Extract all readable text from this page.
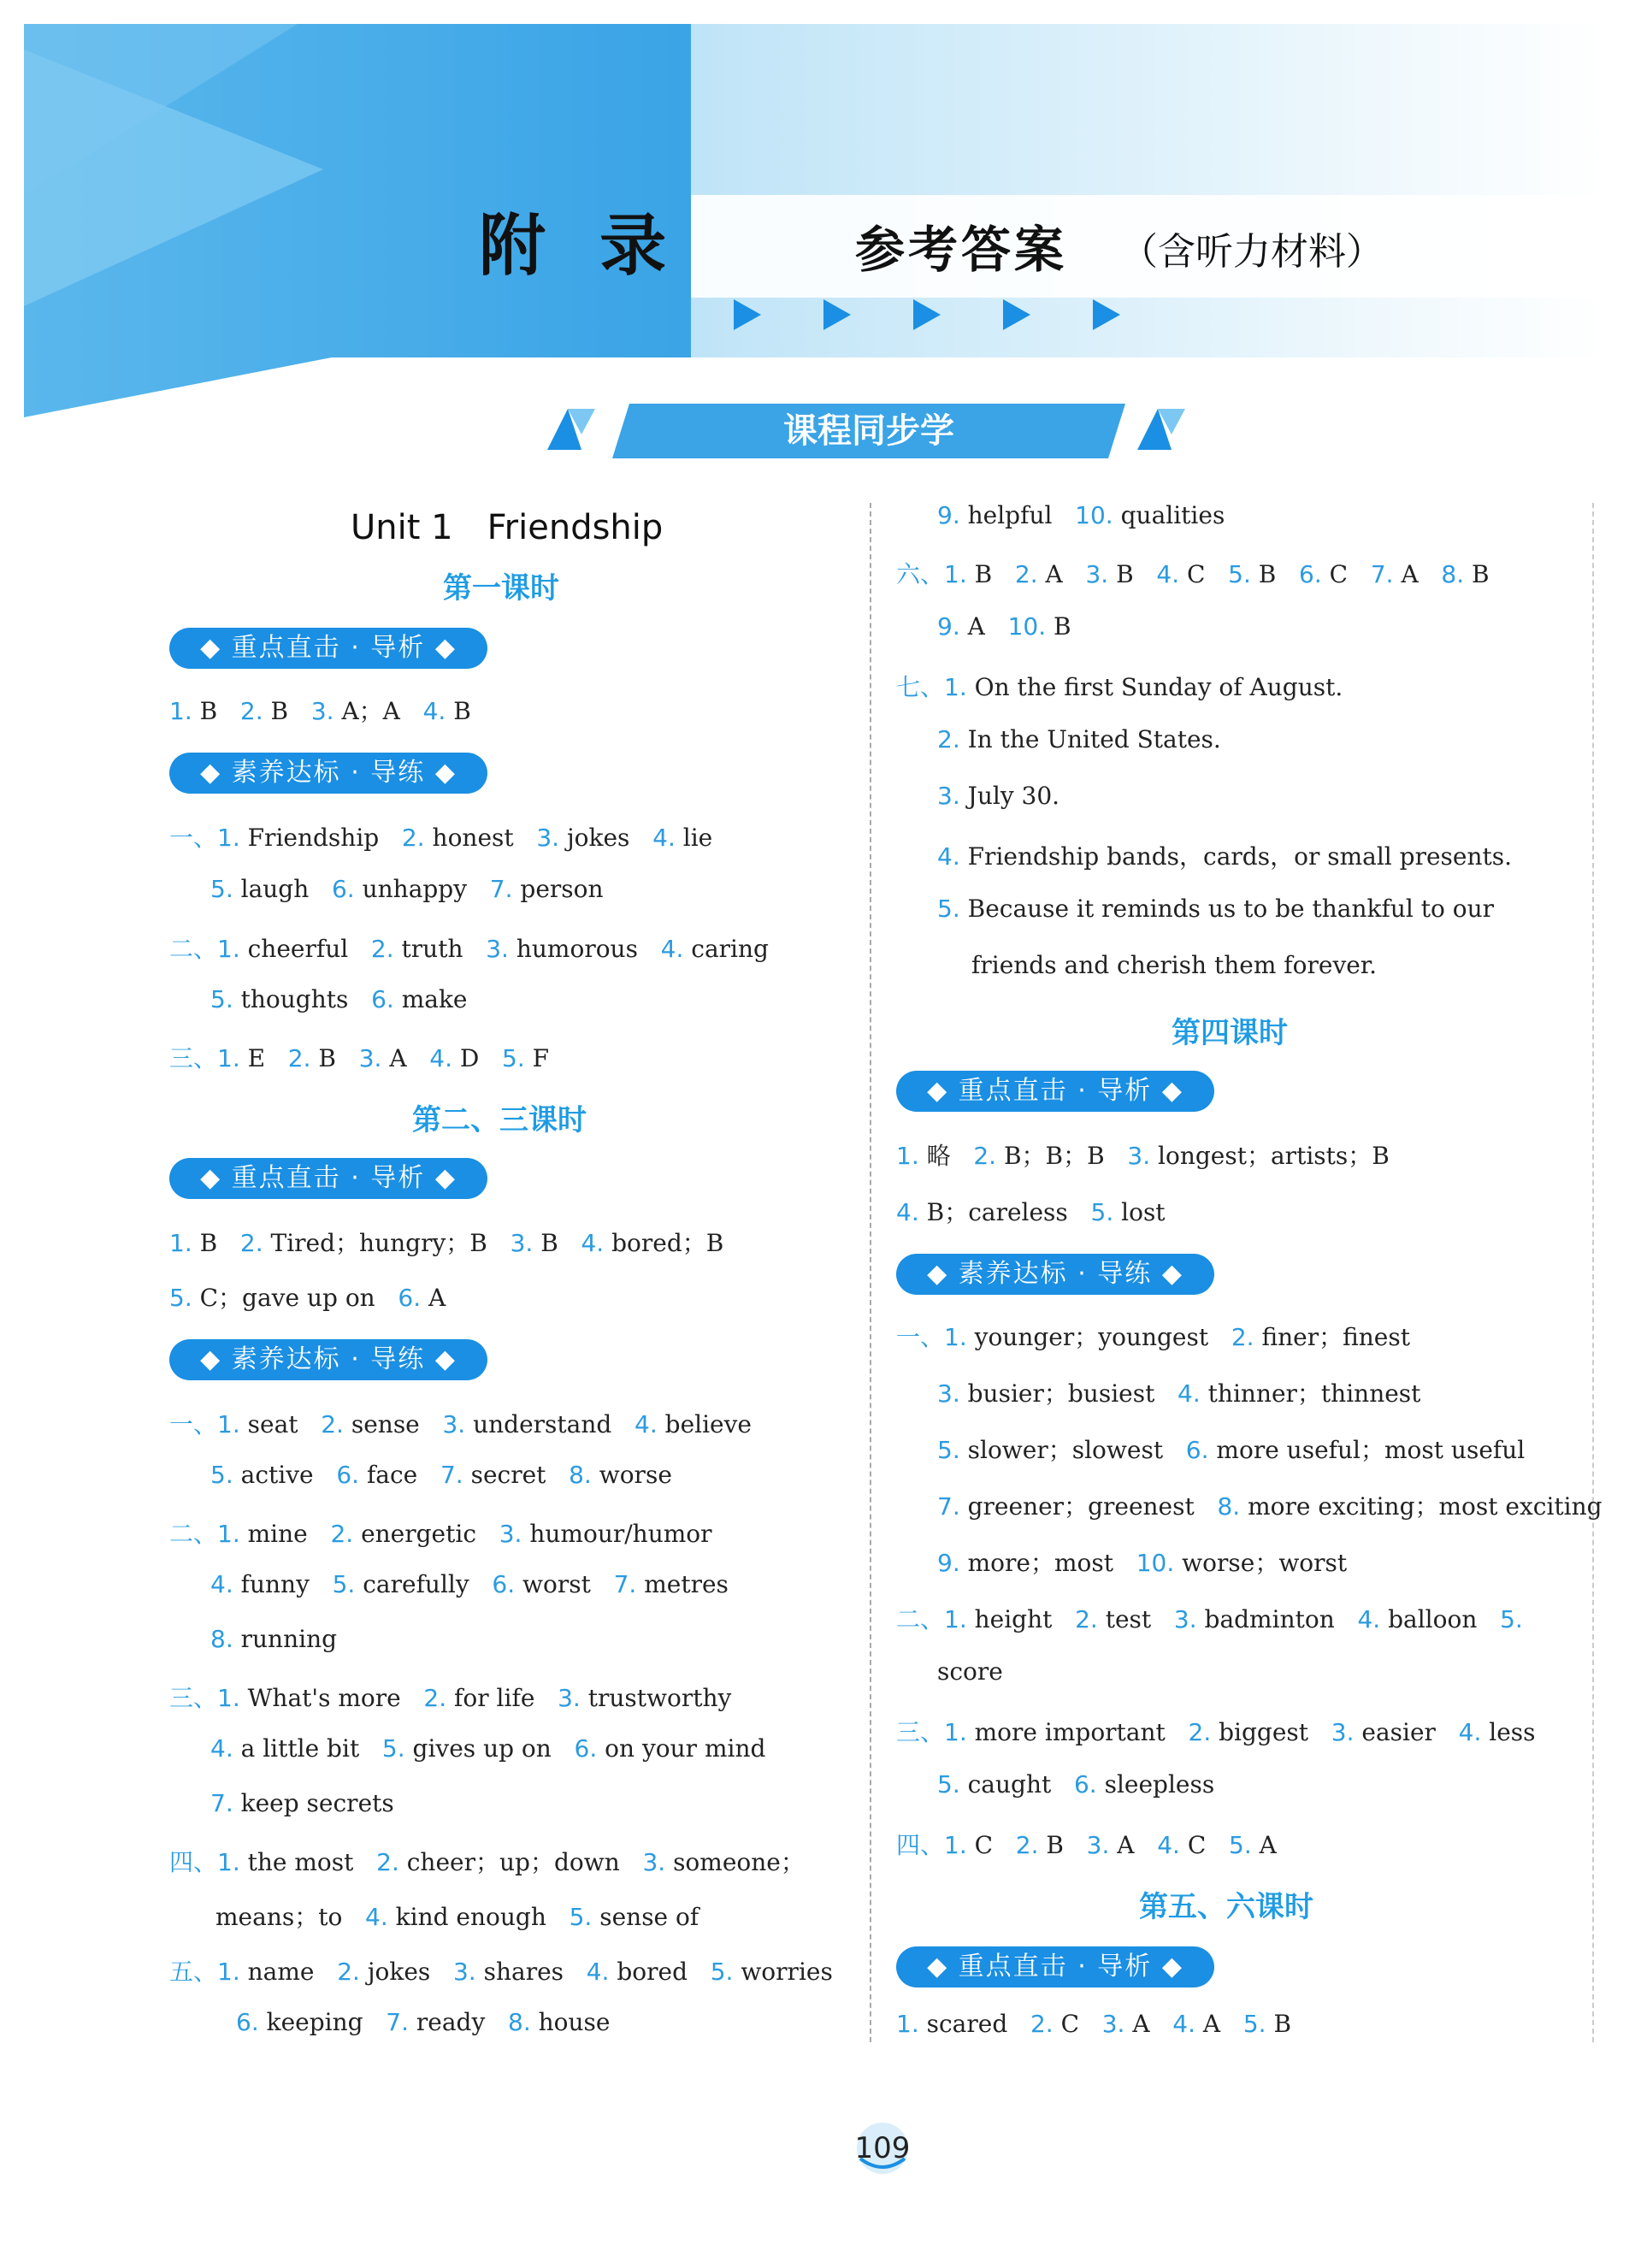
附 录	参考答案 （含听力材料）
课程同步学
Unit 1　Friendship
第一课时
◆ 重点直击 · 导析 ◆
1. B 2. B 3. A；A 4. B
◆ 素养达标 · 导练 ◆
一、1. Friendship 2. honest 3. jokes 4. lie
5. laugh 6. unhappy 7. person
二、1. cheerful 2. truth 3. humorous 4. caring
5. thoughts 6. make
三、1. E 2. B 3. A 4. D 5. F
第二、三课时
◆ 重点直击 · 导析 ◆
1. B 2. Tired；hungry；B 3. B 4. bored；B
5. C；gave up on 6. A
◆ 素养达标 · 导练 ◆
一、1. seat 2. sense 3. understand 4. believe
5. active 6. face 7. secret 8. worse
二、1. mine 2. energetic 3. humour/humor
4. funny 5. carefully 6. worst 7. metres
8. running
三、1. What's more 2. for life 3. trustworthy
4. a little bit 5. gives up on 6. on your mind
7. keep secrets
四、1. the most 2. cheer；up；down 3. someone；
means；to 4. kind enough 5. sense of
五、1. name 2. jokes 3. shares 4. bored 5. worries
6. keeping 7. ready 8. house
9. helpful 10. qualities
六、1. B 2. A 3. B 4. C 5. B 6. C 7. A 8. B
9. A 10. B
七、1. On the first Sunday of August.
2. In the United States.
3. July 30.
4. Friendship bands，cards，or small presents.
5. Because it reminds us to be thankful to our
friends and cherish them forever.
第四课时
◆ 重点直击 · 导析 ◆
1. 略 2. B；B；B 3. longest；artists；B
4. B；careless 5. lost
◆ 素养达标 · 导练 ◆
一、1. younger；youngest 2. finer；finest
3. busier；busiest 4. thinner；thinnest
5. slower；slowest 6. more useful；most useful
7. greener；greenest 8. more exciting；most exciting
9. more；most 10. worse；worst
二、1. height 2. test 3. badminton 4. balloon 5.
score
三、1. more important 2. biggest 3. easier 4. less
5. caught 6. sleepless
四、1. C 2. B 3. A 4. C 5. A
第五、六课时
◆ 重点直击 · 导析 ◆
1. scared 2. C 3. A 4. A 5. B
109
